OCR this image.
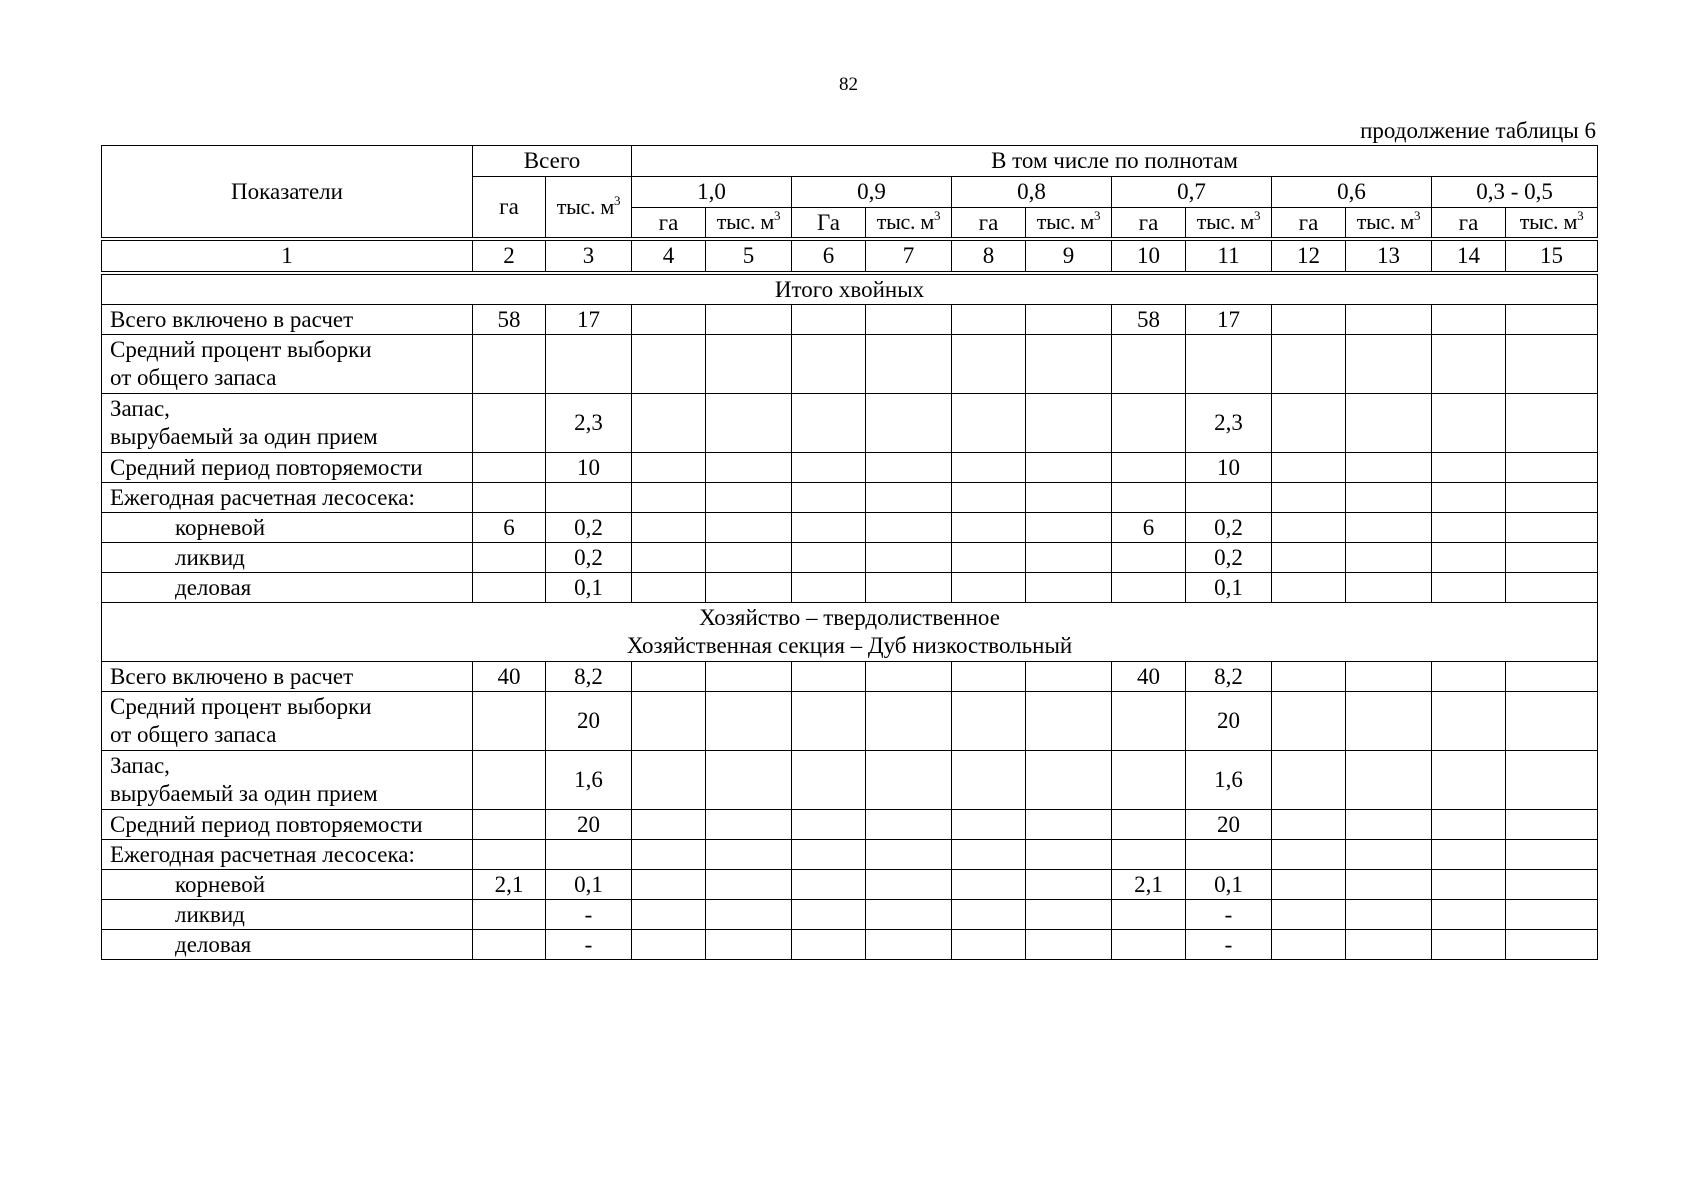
82
продолжение таблицы 6
Показатели	Всего		В том числе по полнотам											
	га	тыс. $м^3$	1,0		0,9		0,8		0,7		0,6		0,3 - 0,5	
			га	тыс. $м^3$	Га	тыс. $м^3$	га	тыс. $м^3$	га	тыс. $м^3$	га	тыс. $м^3$	га	тыс. $м^3$
1	2	3	4	5	6	7	8	9	10	11	12	13	14	15

Итого хвойных														

Всего включено в расчет	58	17							58	17				

Средний процент выборки
от общего запаса														

Запас,
вырубаемый за один прием		2,3								2,3				

Средний период повторяемости		10								10				

Ежегодная расчетная лесосека:														

корневой	6	0,2							6	0,2				

ликвид		0,2								0,2				

деловая		0,1								0,1				

Хозяйство – твердолиственное
Хозяйственная секция – Дуб низкоствольный														

Всего включено в расчет	40	8,2							40	8,2				

Средний процент выборки
от общего запаса		20								20				

Запас,
вырубаемый за один прием		1,6								1,6				

Средний период повторяемости		20								20				

Ежегодная расчетная лесосека:														

корневой	2,1	0,1							2,1	0,1				

ликвид		-								-				

деловая		-								-				
